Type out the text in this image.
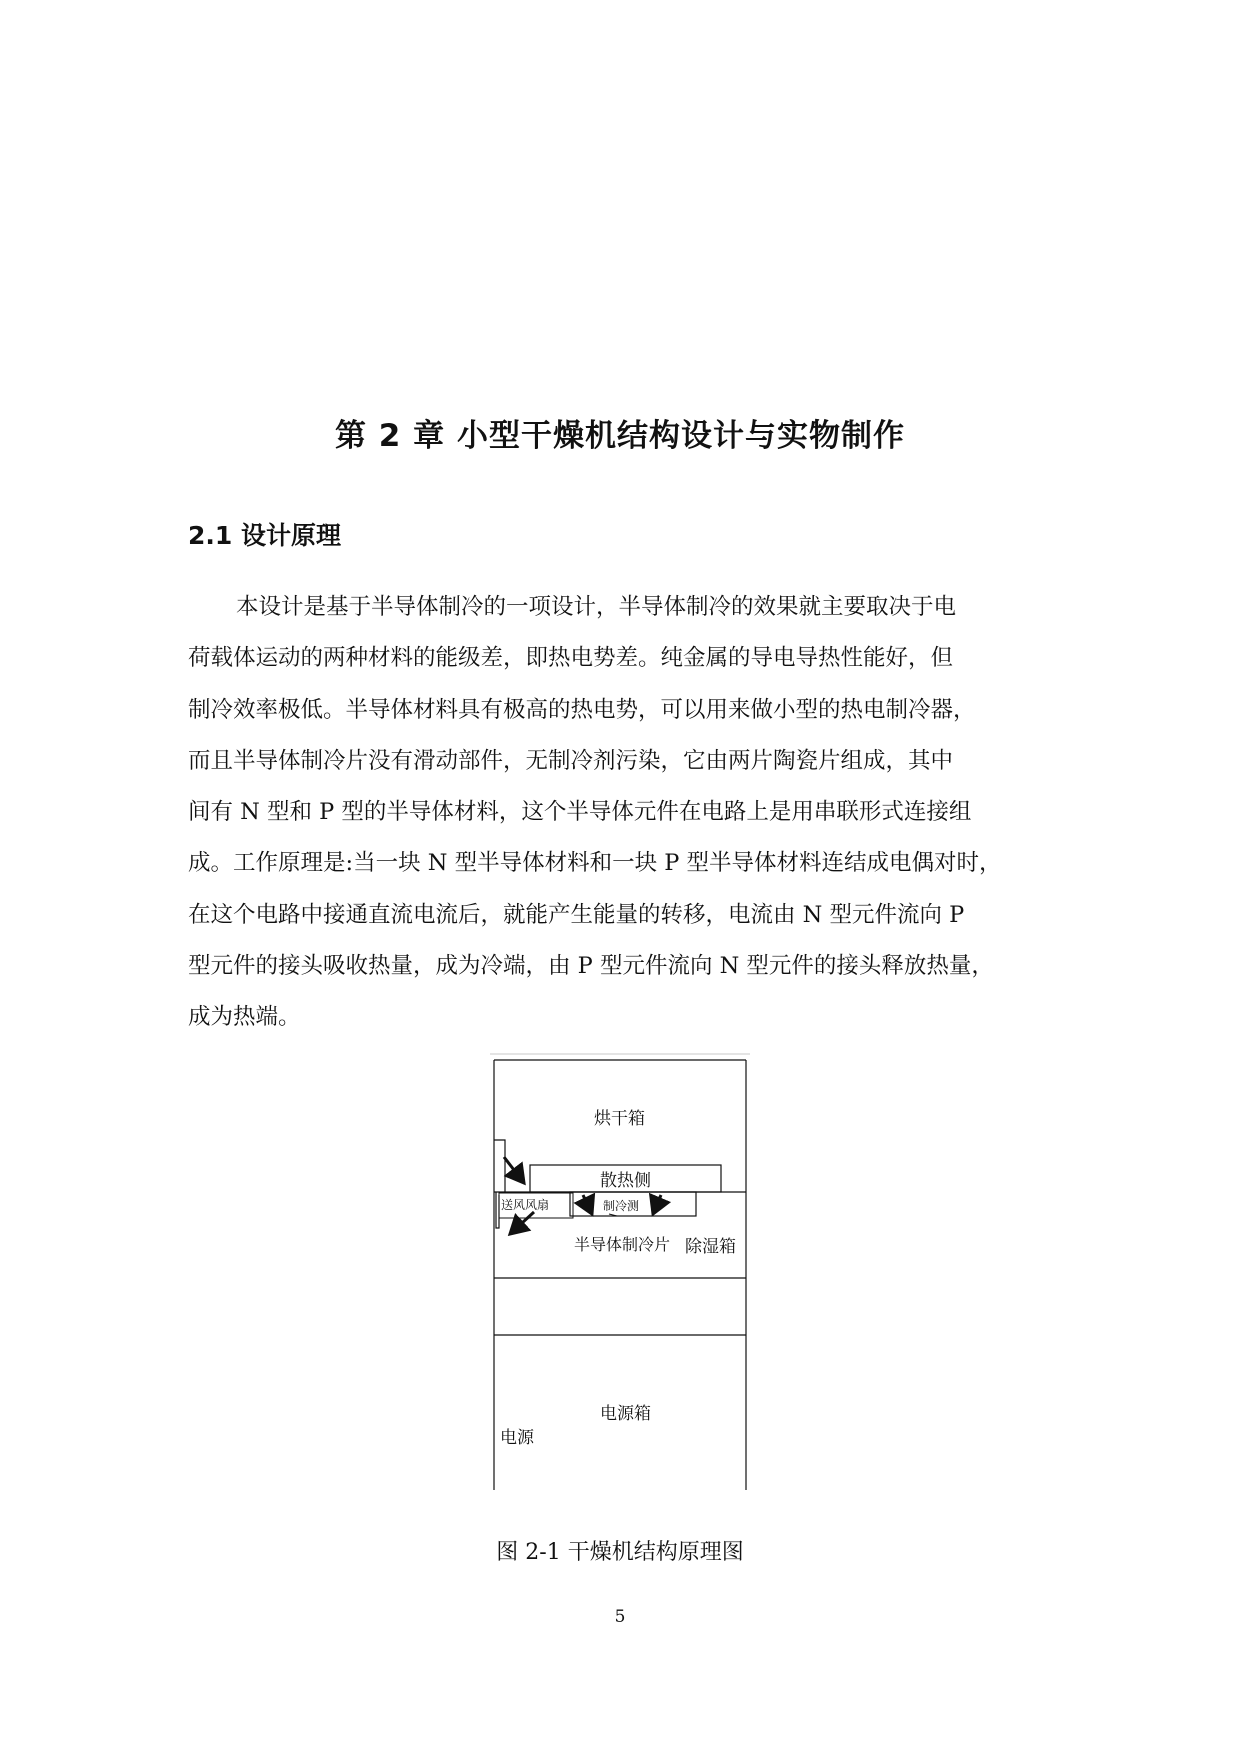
第 2 章 小型干燥机结构设计与实物制作
2.1 设计原理
本设计是基于半导体制冷的一项设计，半导体制冷的效果就主要取决于电
荷载体运动的两种材料的能级差，即热电势差。纯金属的导电导热性能好，但
制冷效率极低。半导体材料具有极高的热电势，可以用来做小型的热电制冷器，
而且半导体制冷片没有滑动部件，无制冷剂污染，它由两片陶瓷片组成，其中
间有 N 型和 P 型的半导体材料，这个半导体元件在电路上是用串联形式连接组
成。工作原理是:当一块 N 型半导体材料和一块 P 型半导体材料连结成电偶对时，
在这个电路中接通直流电流后，就能产生能量的转移，电流由 N 型元件流向 P
型元件的接头吸收热量，成为冷端，由 P 型元件流向 N 型元件的接头释放热量，
成为热端。
烘干箱
散热侧
送风风扇	制冷测
半导体制冷片 除湿箱
电源箱
电源

图 2-1 干燥机结构原理图

5
